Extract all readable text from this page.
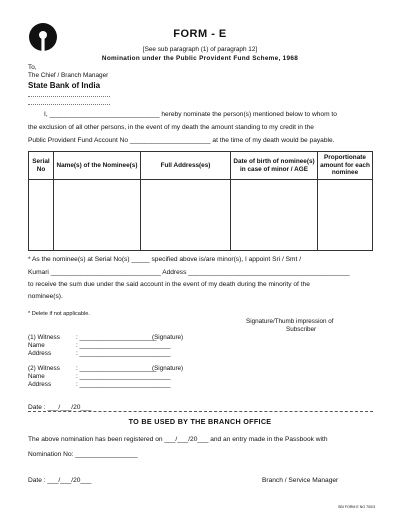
FORM - E
[See sub paragraph (1) of paragraph 12]
Nomination under the Public Provident Fund Scheme, 1968
To,
The Chief / Branch Manager
State Bank of India
I, ______________________________ hereby nominate the person(s) mentioned below to whom to
the exclusion of all other persons, in the event of my death the amount standing to my credit in the
Public Provident Fund Account No ______________________ at the time of my death would be payable.
Serial No	Name(s) of the Nominee(s)	Full Address(es)	Date of birth of nominee(s) in case of minor / AGE	Proportionate amount for each nominee

* As the nominee(s) at Serial No(s) _____ specified above is/are minor(s), I appoint Sri / Smt /
Kumari ______________________________ Address ____________________________________________
to receive the sum due under the said account in the event of my death during the minority of the
nominee(s).
* Delete if not applicable.
Signature/Thumb impression of
Subscriber
(1) Witness	: ______________________
(Signature)
Name	: __________________________
Address	: __________________________
(2) Witness	: ______________________
(Signature)
Name	: __________________________
Address	: __________________________
Date : ___/___/20___
TO BE USED BY THE BRANCH OFFICE
The above nomination has been registered on ___/___/20___ and an entry made in the Passbook with
Nomination No: _________________
Date : ___/___/20___	Branch / Service Manager
SBI FORM E NO 700/3
